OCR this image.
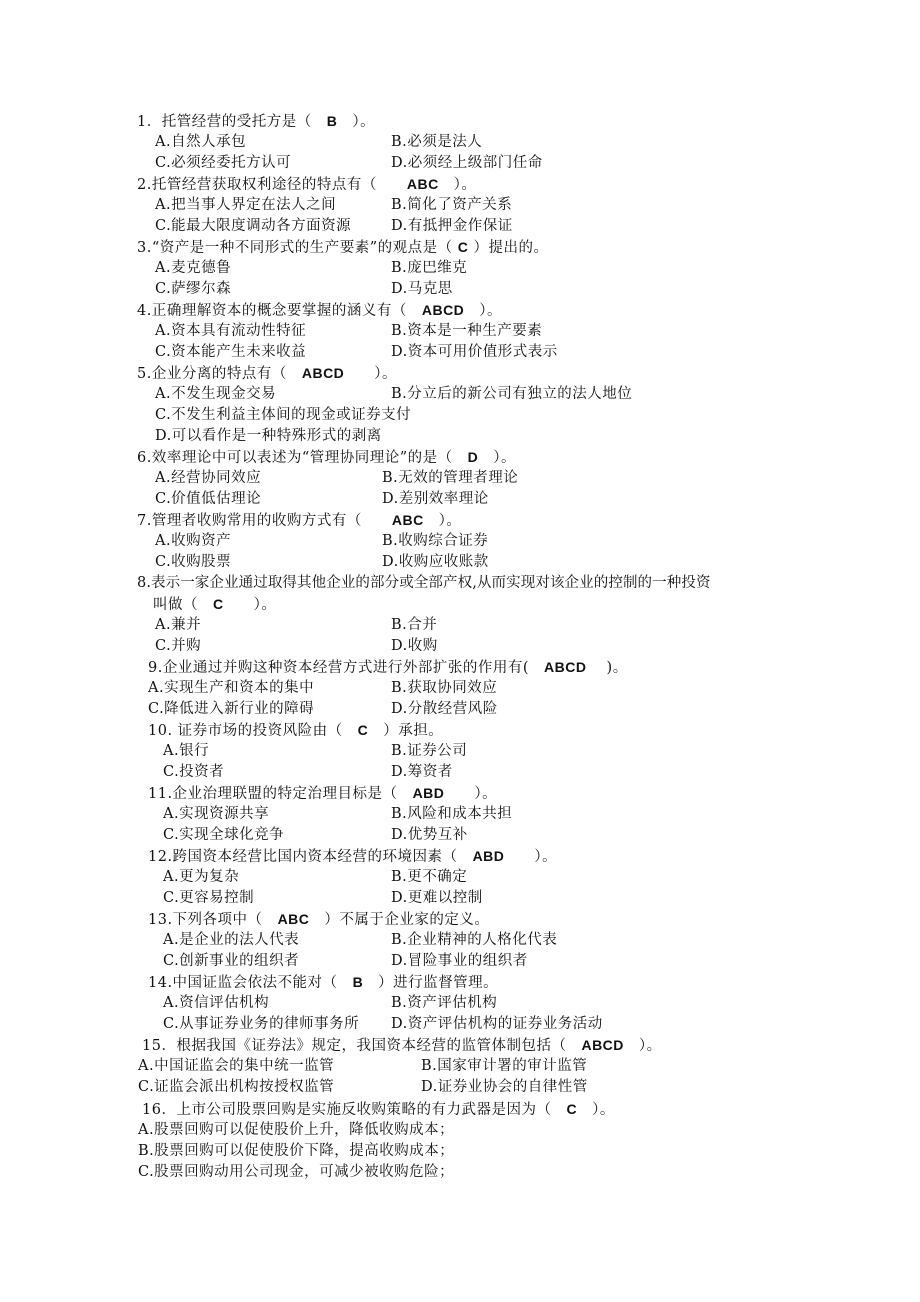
1．托管经营的受托方是（　B　）。
A.自然人承包	B.必须是法人
C.必须经委托方认可	D.必须经上级部门任命
2.托管经营获取权利途径的特点有（　　ABC　）。
A.把当事人界定在法人之间	B.简化了资产关系
C.能最大限度调动各方面资源	D.有抵押金作保证
3.“资产是一种不同形式的生产要素”的观点是（ C ）提出的。
A.麦克德鲁	B.庞巴维克
C.萨缪尔森	D.马克思
4.正确理解资本的概念要掌握的涵义有（　ABCD　）。
A.资本具有流动性特征	B.资本是一种生产要素
C.资本能产生未来收益	D.资本可用价值形式表示
5.企业分离的特点有（　ABCD　　）。
A.不发生现金交易	B.分立后的新公司有独立的法人地位
C.不发生利益主体间的现金或证券支付
D.可以看作是一种特殊形式的剥离
6.效率理论中可以表述为“管理协同理论”的是（　D　）。
A.经营协同效应	B.无效的管理者理论
C.价值低估理论	D.差别效率理论
7.管理者收购常用的收购方式有（　　ABC　）。
A.收购资产	B.收购综合证券
C.收购股票	D.收购应收账款
8.表示一家企业通过取得其他企业的部分或全部产权,从而实现对该企业的控制的一种投资
叫做（　C　　）。
A.兼并	B.合并
C.并购	D.收购
9.企业通过并购这种资本经营方式进行外部扩张的作用有(　ABCD　 )。
A.实现生产和资本的集中	B.获取协同效应
C.降低进入新行业的障碍	D.分散经营风险
10. 证券市场的投资风险由（　C　）承担。
A.银行	B.证券公司
C.投资者	D.筹资者
11.企业治理联盟的特定治理目标是（　ABD　　）。
A.实现资源共享	B.风险和成本共担
C.实现全球化竞争	D.优势互补
12.跨国资本经营比国内资本经营的环境因素（　ABD　　）。
A.更为复杂	B.更不确定
C.更容易控制	D.更难以控制
13.下列各项中（　ABC　）不属于企业家的定义。
A.是企业的法人代表	B.企业精神的人格化代表
C.创新事业的组织者	D.冒险事业的组织者
14.中国证监会依法不能对（　B　）进行监督管理。
A.资信评估机构	B.资产评估机构
C.从事证券业务的律师事务所 D.资产评估机构的证券业务活动
15．根据我国《证券法》规定，我国资本经营的监管体制包括（　ABCD　）。
A.中国证监会的集中统一监管	B.国家审计署的审计监管
C.证监会派出机构按授权监管	D.证券业协会的自律性管
16．上市公司股票回购是实施反收购策略的有力武器是因为（　C　）。
A.股票回购可以促使股价上升，降低收购成本；
B.股票回购可以促使股价下降，提高收购成本；
C.股票回购动用公司现金，可减少被收购危险；
